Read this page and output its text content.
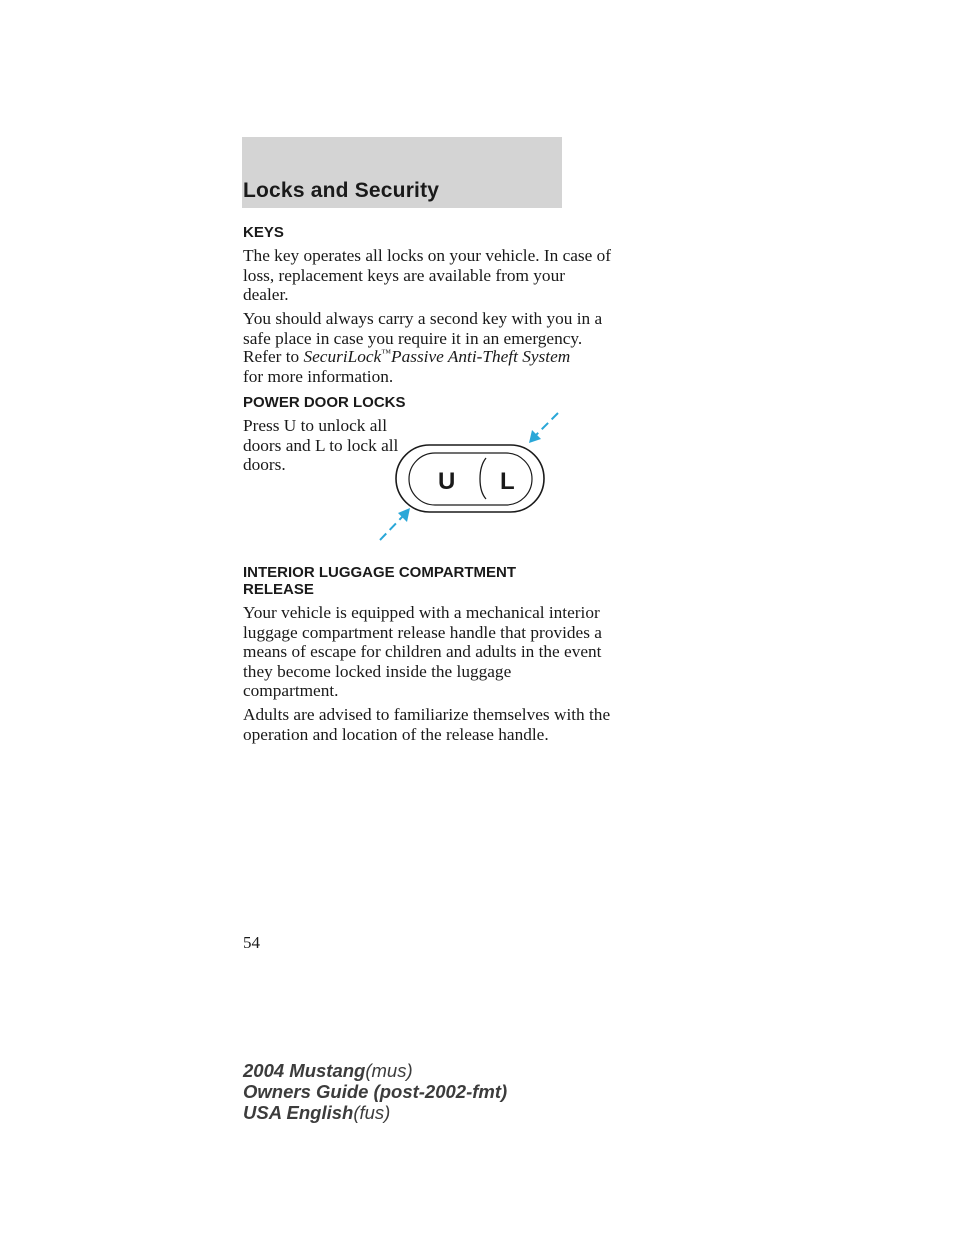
Locks and Security
KEYS

The key operates all locks on your vehicle. In case of
loss, replacement keys are available from your
dealer.

You should always carry a second key with you in a
safe place in case you require it in an emergency.

Refer to SecuriLock™Passive Anti-Theft System
for more information.

POWER DOOR LOCKS

Press U to unlock all
doors and L to lock all
doors.

U L
INTERIOR LUGGAGE COMPARTMENT
RELEASE

Your vehicle is equipped with a mechanical interior
luggage compartment release handle that provides a
means of escape for children and adults in the event
they become locked inside the luggage
compartment.

Adults are advised to familiarize themselves with the
operation and location of the release handle.

54

2004 Mustang(mus)
Owners Guide (post-2002-fmt)
USA English(fus)
